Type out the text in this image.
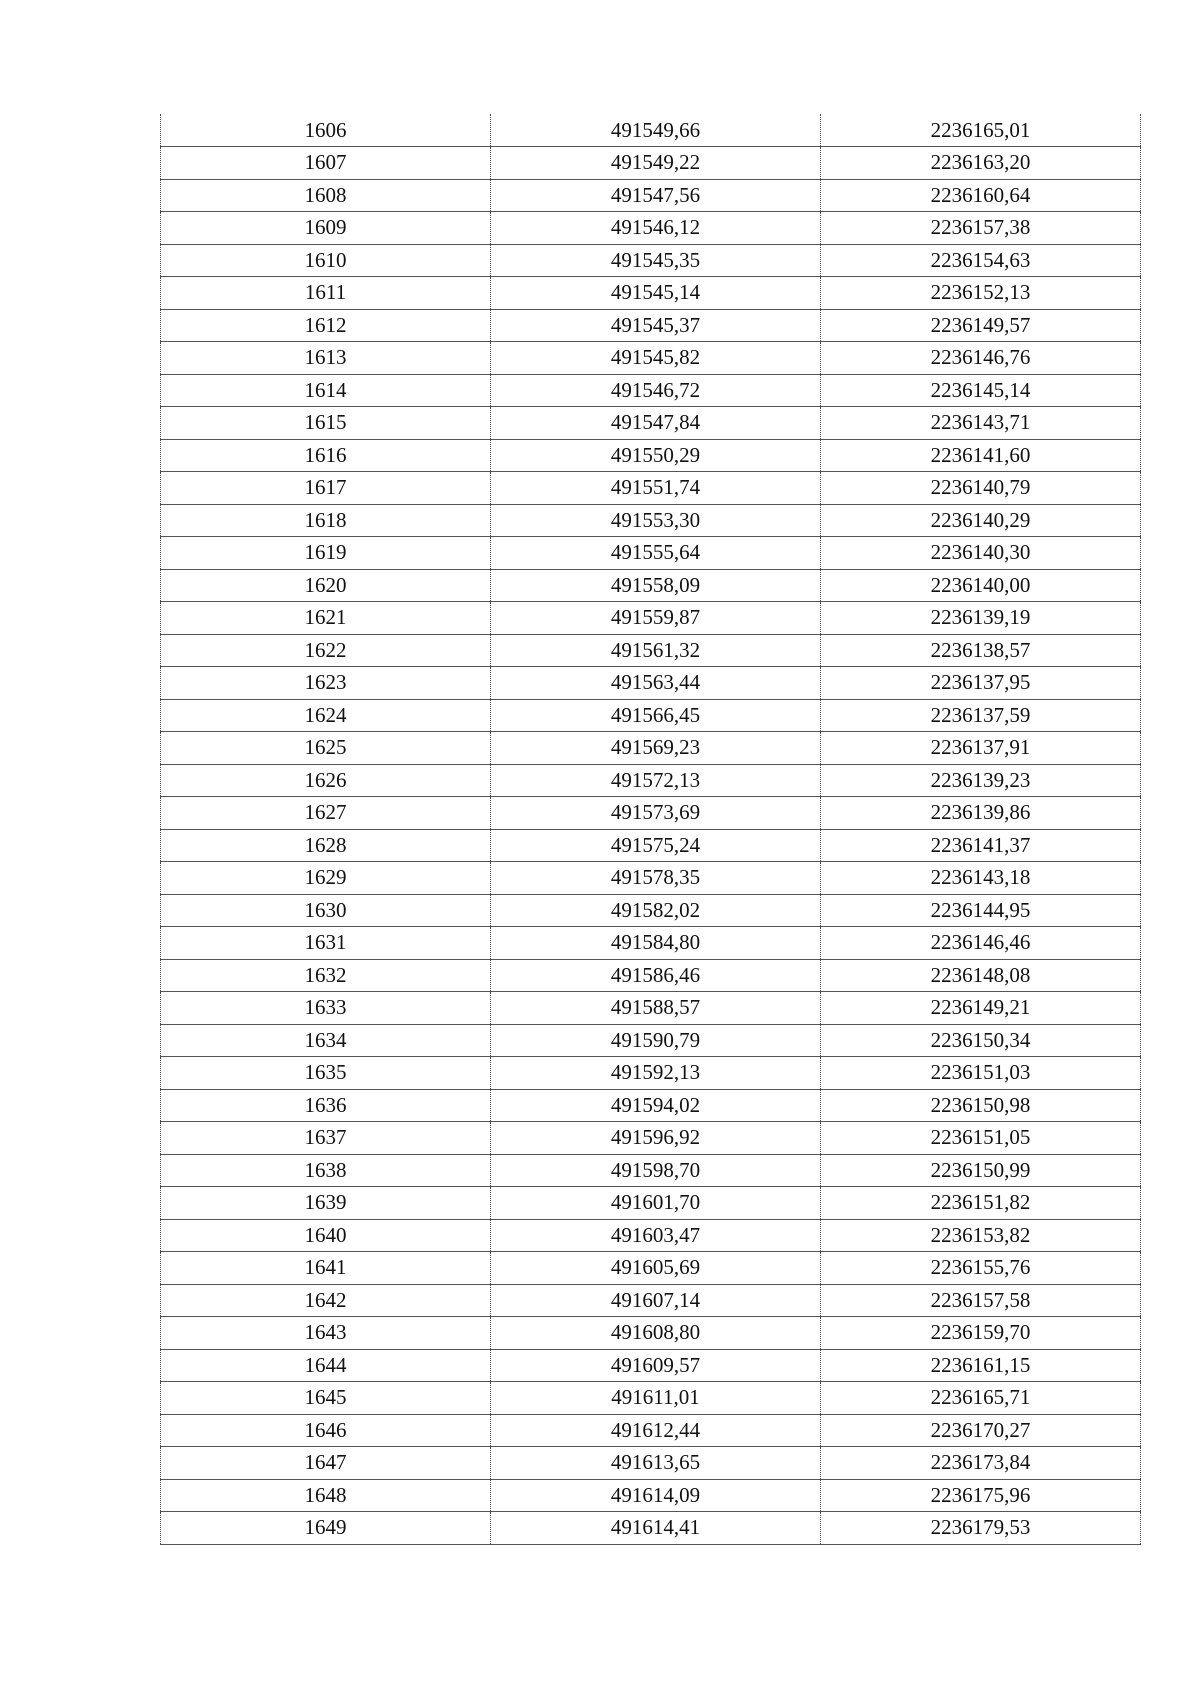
1606	491549,66	2236165,01
1607	491549,22	2236163,20
1608	491547,56	2236160,64
1609	491546,12	2236157,38
1610	491545,35	2236154,63
1611	491545,14	2236152,13
1612	491545,37	2236149,57
1613	491545,82	2236146,76
1614	491546,72	2236145,14
1615	491547,84	2236143,71
1616	491550,29	2236141,60
1617	491551,74	2236140,79
1618	491553,30	2236140,29
1619	491555,64	2236140,30
1620	491558,09	2236140,00
1621	491559,87	2236139,19
1622	491561,32	2236138,57
1623	491563,44	2236137,95
1624	491566,45	2236137,59
1625	491569,23	2236137,91
1626	491572,13	2236139,23
1627	491573,69	2236139,86
1628	491575,24	2236141,37
1629	491578,35	2236143,18
1630	491582,02	2236144,95
1631	491584,80	2236146,46
1632	491586,46	2236148,08
1633	491588,57	2236149,21
1634	491590,79	2236150,34
1635	491592,13	2236151,03
1636	491594,02	2236150,98
1637	491596,92	2236151,05
1638	491598,70	2236150,99
1639	491601,70	2236151,82
1640	491603,47	2236153,82
1641	491605,69	2236155,76
1642	491607,14	2236157,58
1643	491608,80	2236159,70
1644	491609,57	2236161,15
1645	491611,01	2236165,71
1646	491612,44	2236170,27
1647	491613,65	2236173,84
1648	491614,09	2236175,96
1649	491614,41	2236179,53
